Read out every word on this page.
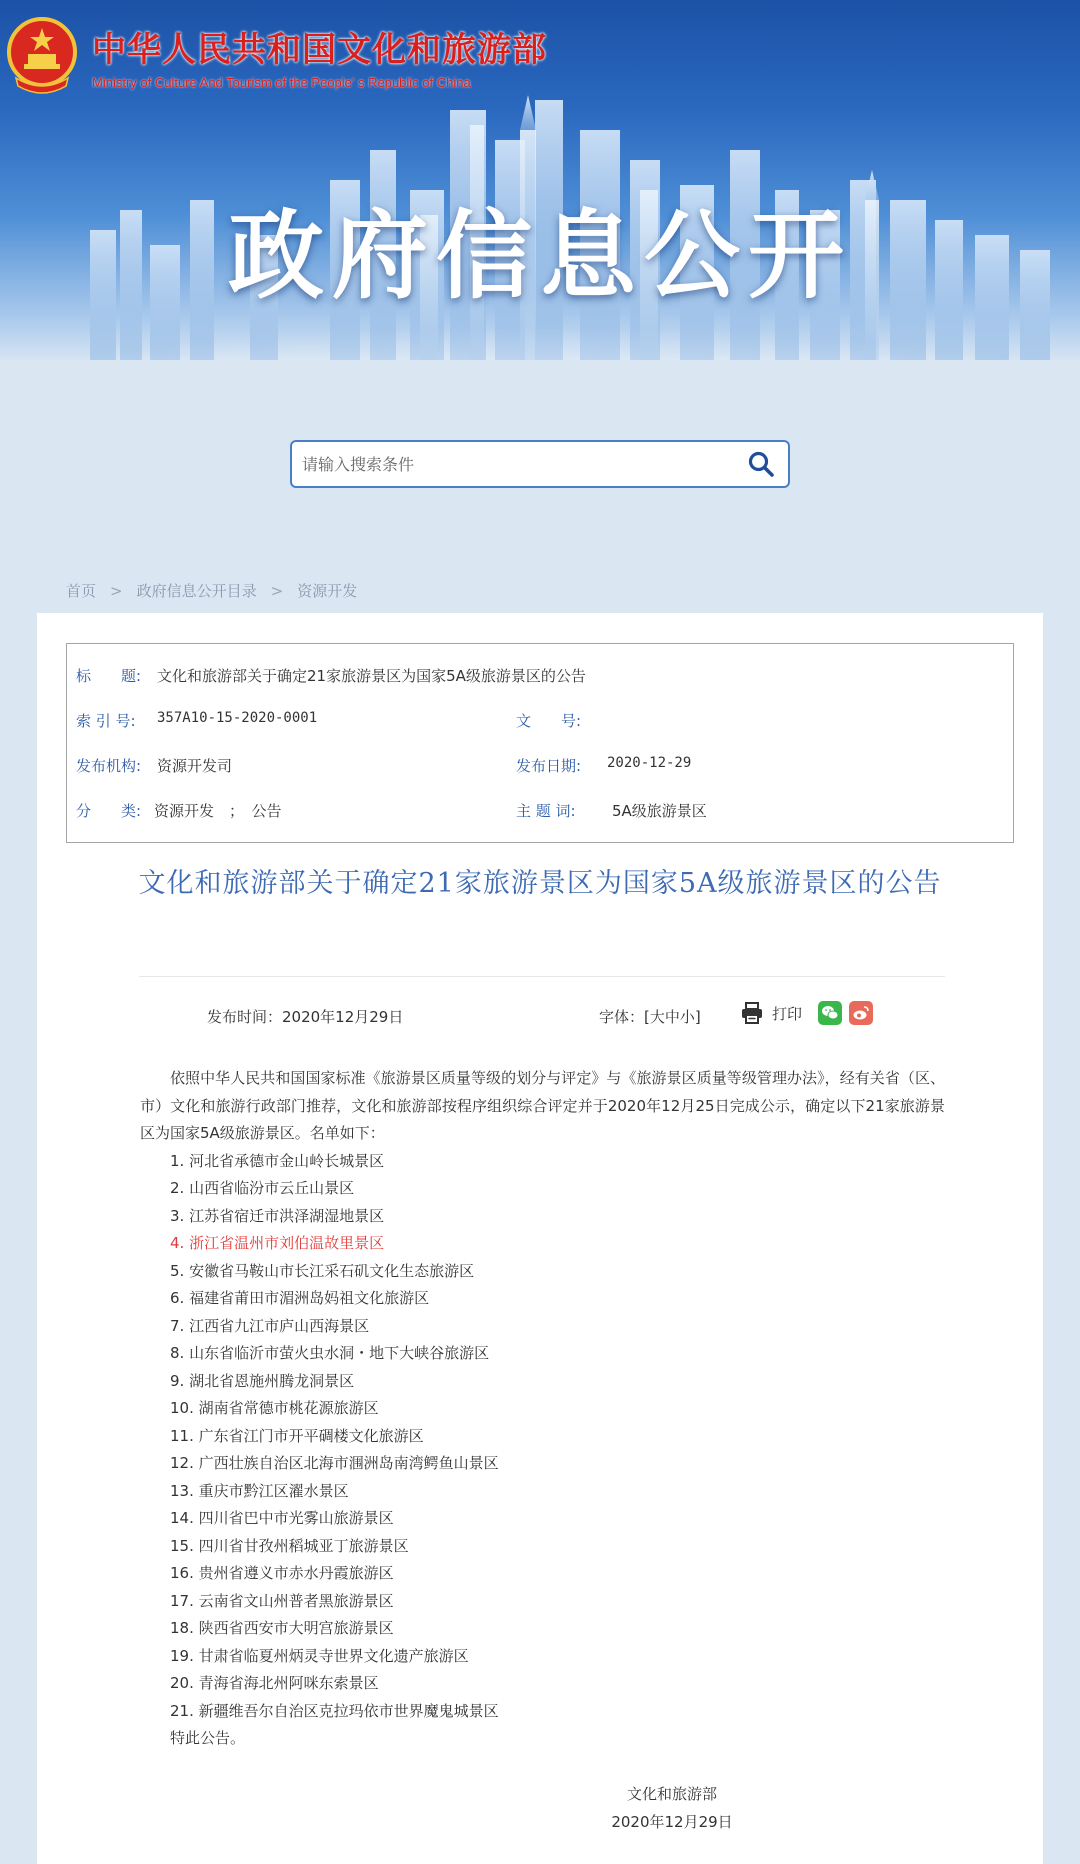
中华人民共和国文化和旅游部
Ministry of Culture And Tourism of the People' s Republic of China
政府信息公开
请输入搜索条件
首页 > 政府信息公开目录 > 资源开发
标　　题: 文化和旅游部关于确定21家旅游景区为国家5A级旅游景区的公告
索 引 号: 357A10-15-2020-0001	文　　号:
发布机构: 资源开发司	发布日期: 2020-12-29
分　　类: 资源开发　；　公告	主 题 词: 5A级旅游景区
文化和旅游部关于确定21家旅游景区为国家5A级旅游景区的公告
发布时间：2020年12月29日	字体：[大中小]	打印

依照中华人民共和国国家标准《旅游景区质量等级的划分与评定》与《旅游景区质量等级管理办法》，经有关省（区、市）文化和旅游行政部门推荐，文化和旅游部按程序组织综合评定并于2020年12月25日完成公示，确定以下21家旅游景区为国家5A级旅游景区。名单如下：

1. 河北省承德市金山岭长城景区
2. 山西省临汾市云丘山景区
3. 江苏省宿迁市洪泽湖湿地景区
4. 浙江省温州市刘伯温故里景区
5. 安徽省马鞍山市长江采石矶文化生态旅游区
6. 福建省莆田市湄洲岛妈祖文化旅游区
7. 江西省九江市庐山西海景区
8. 山东省临沂市萤火虫水洞・地下大峡谷旅游区
9. 湖北省恩施州腾龙洞景区
10. 湖南省常德市桃花源旅游区
11. 广东省江门市开平碉楼文化旅游区
12. 广西壮族自治区北海市涠洲岛南湾鳄鱼山景区
13. 重庆市黔江区濯水景区
14. 四川省巴中市光雾山旅游景区
15. 四川省甘孜州稻城亚丁旅游景区
16. 贵州省遵义市赤水丹霞旅游区
17. 云南省文山州普者黑旅游景区
18. 陕西省西安市大明宫旅游景区
19. 甘肃省临夏州炳灵寺世界文化遗产旅游区
20. 青海省海北州阿咪东索景区
21. 新疆维吾尔自治区克拉玛依市世界魔鬼城景区

特此公告。

文化和旅游部
2020年12月29日
